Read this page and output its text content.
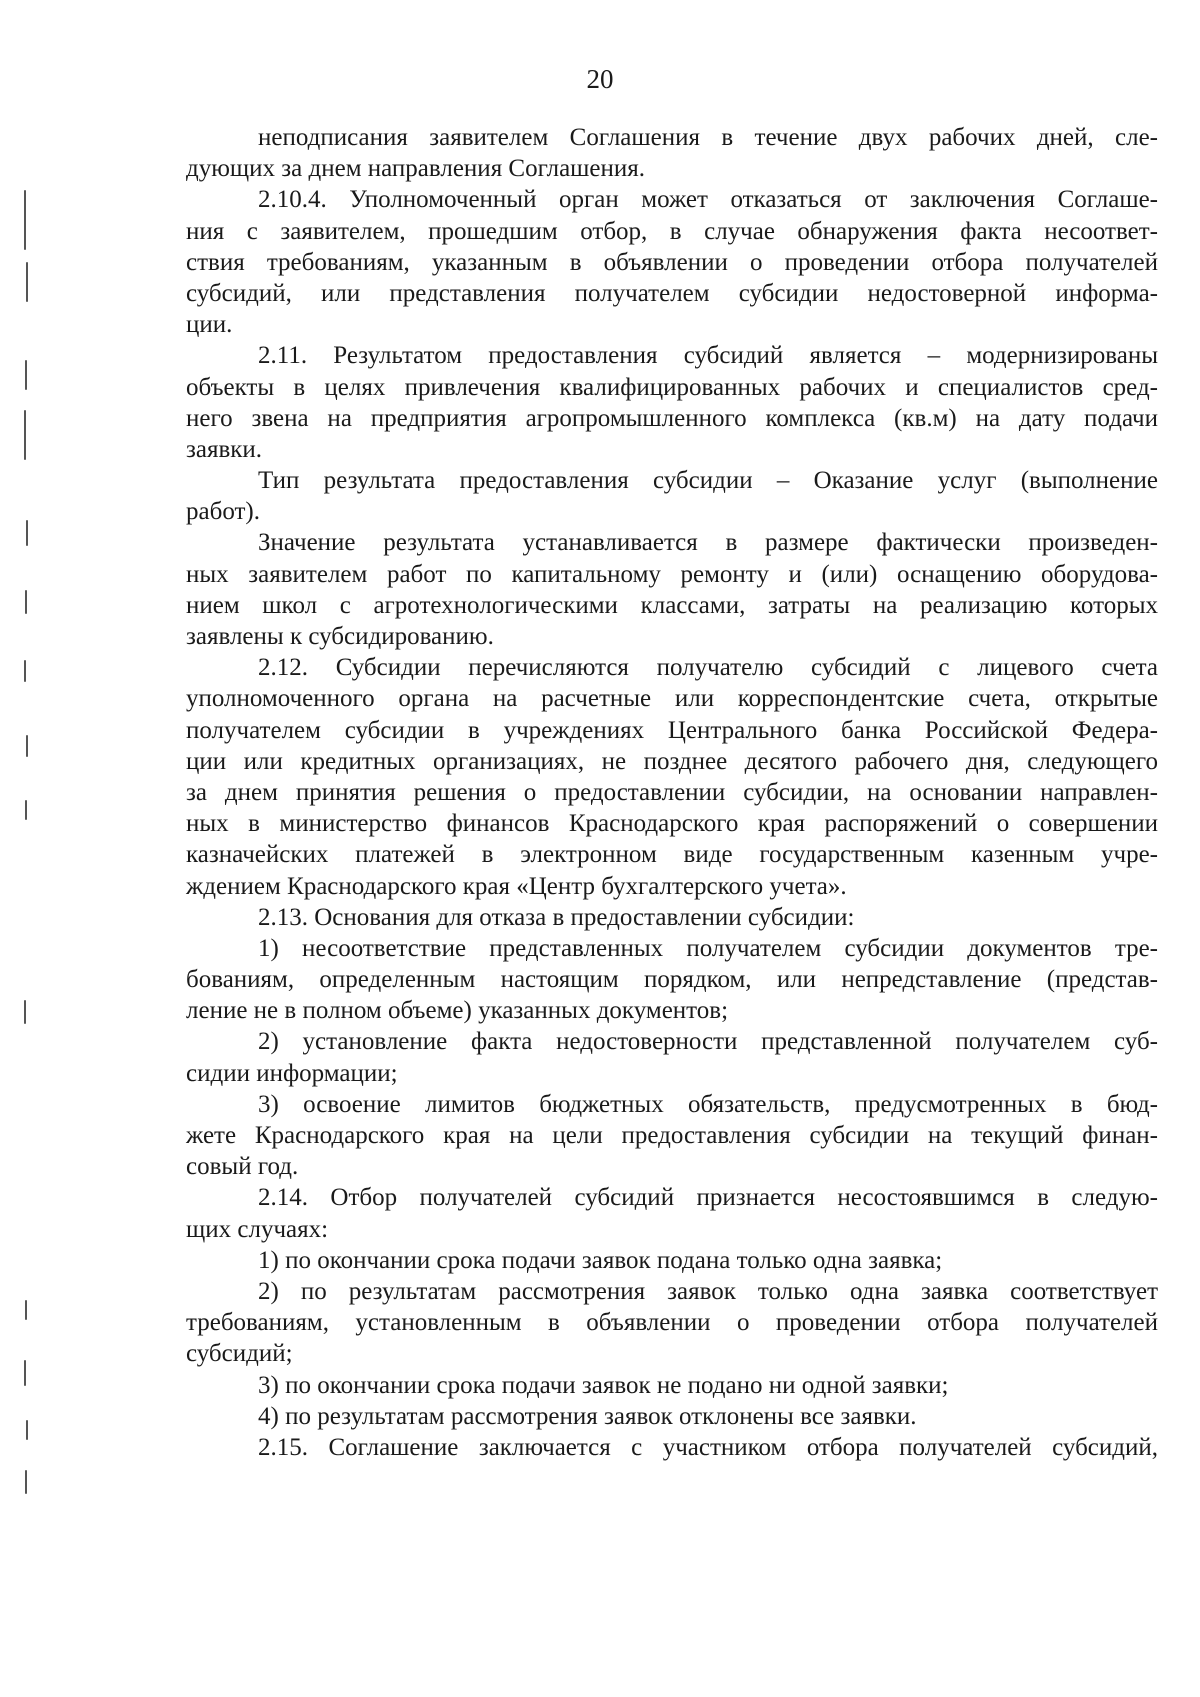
20
неподписания заявителем Соглашения в течение двух рабочих дней, сле-
дующих за днем направления Соглашения.
2.10.4. Уполномоченный орган может отказаться от заключения Соглаше-
ния с заявителем, прошедшим отбор, в случае обнаружения факта несоответ-
ствия требованиям, указанным в объявлении о проведении отбора получателей
субсидий, или представления получателем субсидии недостоверной информа-
ции.
2.11. Результатом предоставления субсидий является – модернизированы
объекты в целях привлечения квалифицированных рабочих и специалистов сред-
него звена на предприятия агропромышленного комплекса (кв.м) на дату подачи
заявки.
Тип результата предоставления субсидии – Оказание услуг (выполнение
работ).
Значение результата устанавливается в размере фактически произведен-
ных заявителем работ по капитальному ремонту и (или) оснащению оборудова-
нием школ с агротехнологическими классами, затраты на реализацию которых
заявлены к субсидированию.
2.12. Субсидии перечисляются получателю субсидий с лицевого счета
уполномоченного органа на расчетные или корреспондентские счета, открытые
получателем субсидии в учреждениях Центрального банка Российской Федера-
ции или кредитных организациях, не позднее десятого рабочего дня, следующего
за днем принятия решения о предоставлении субсидии, на основании направлен-
ных в министерство финансов Краснодарского края распоряжений о совершении
казначейских платежей в электронном виде государственным казенным учре-
ждением Краснодарского края «Центр бухгалтерского учета».
2.13. Основания для отказа в предоставлении субсидии:
1) несоответствие представленных получателем субсидии документов тре-
бованиям, определенным настоящим порядком, или непредставление (представ-
ление не в полном объеме) указанных документов;
2) установление факта недостоверности представленной получателем суб-
сидии информации;
3) освоение лимитов бюджетных обязательств, предусмотренных в бюд-
жете Краснодарского края на цели предоставления субсидии на текущий финан-
совый год.
2.14. Отбор получателей субсидий признается несостоявшимся в следую-
щих случаях:
1) по окончании срока подачи заявок подана только одна заявка;
2) по результатам рассмотрения заявок только одна заявка соответствует
требованиям, установленным в объявлении о проведении отбора получателей
субсидий;
3) по окончании срока подачи заявок не подано ни одной заявки;
4) по результатам рассмотрения заявок отклонены все заявки.
2.15. Соглашение заключается с участником отбора получателей субсидий,
